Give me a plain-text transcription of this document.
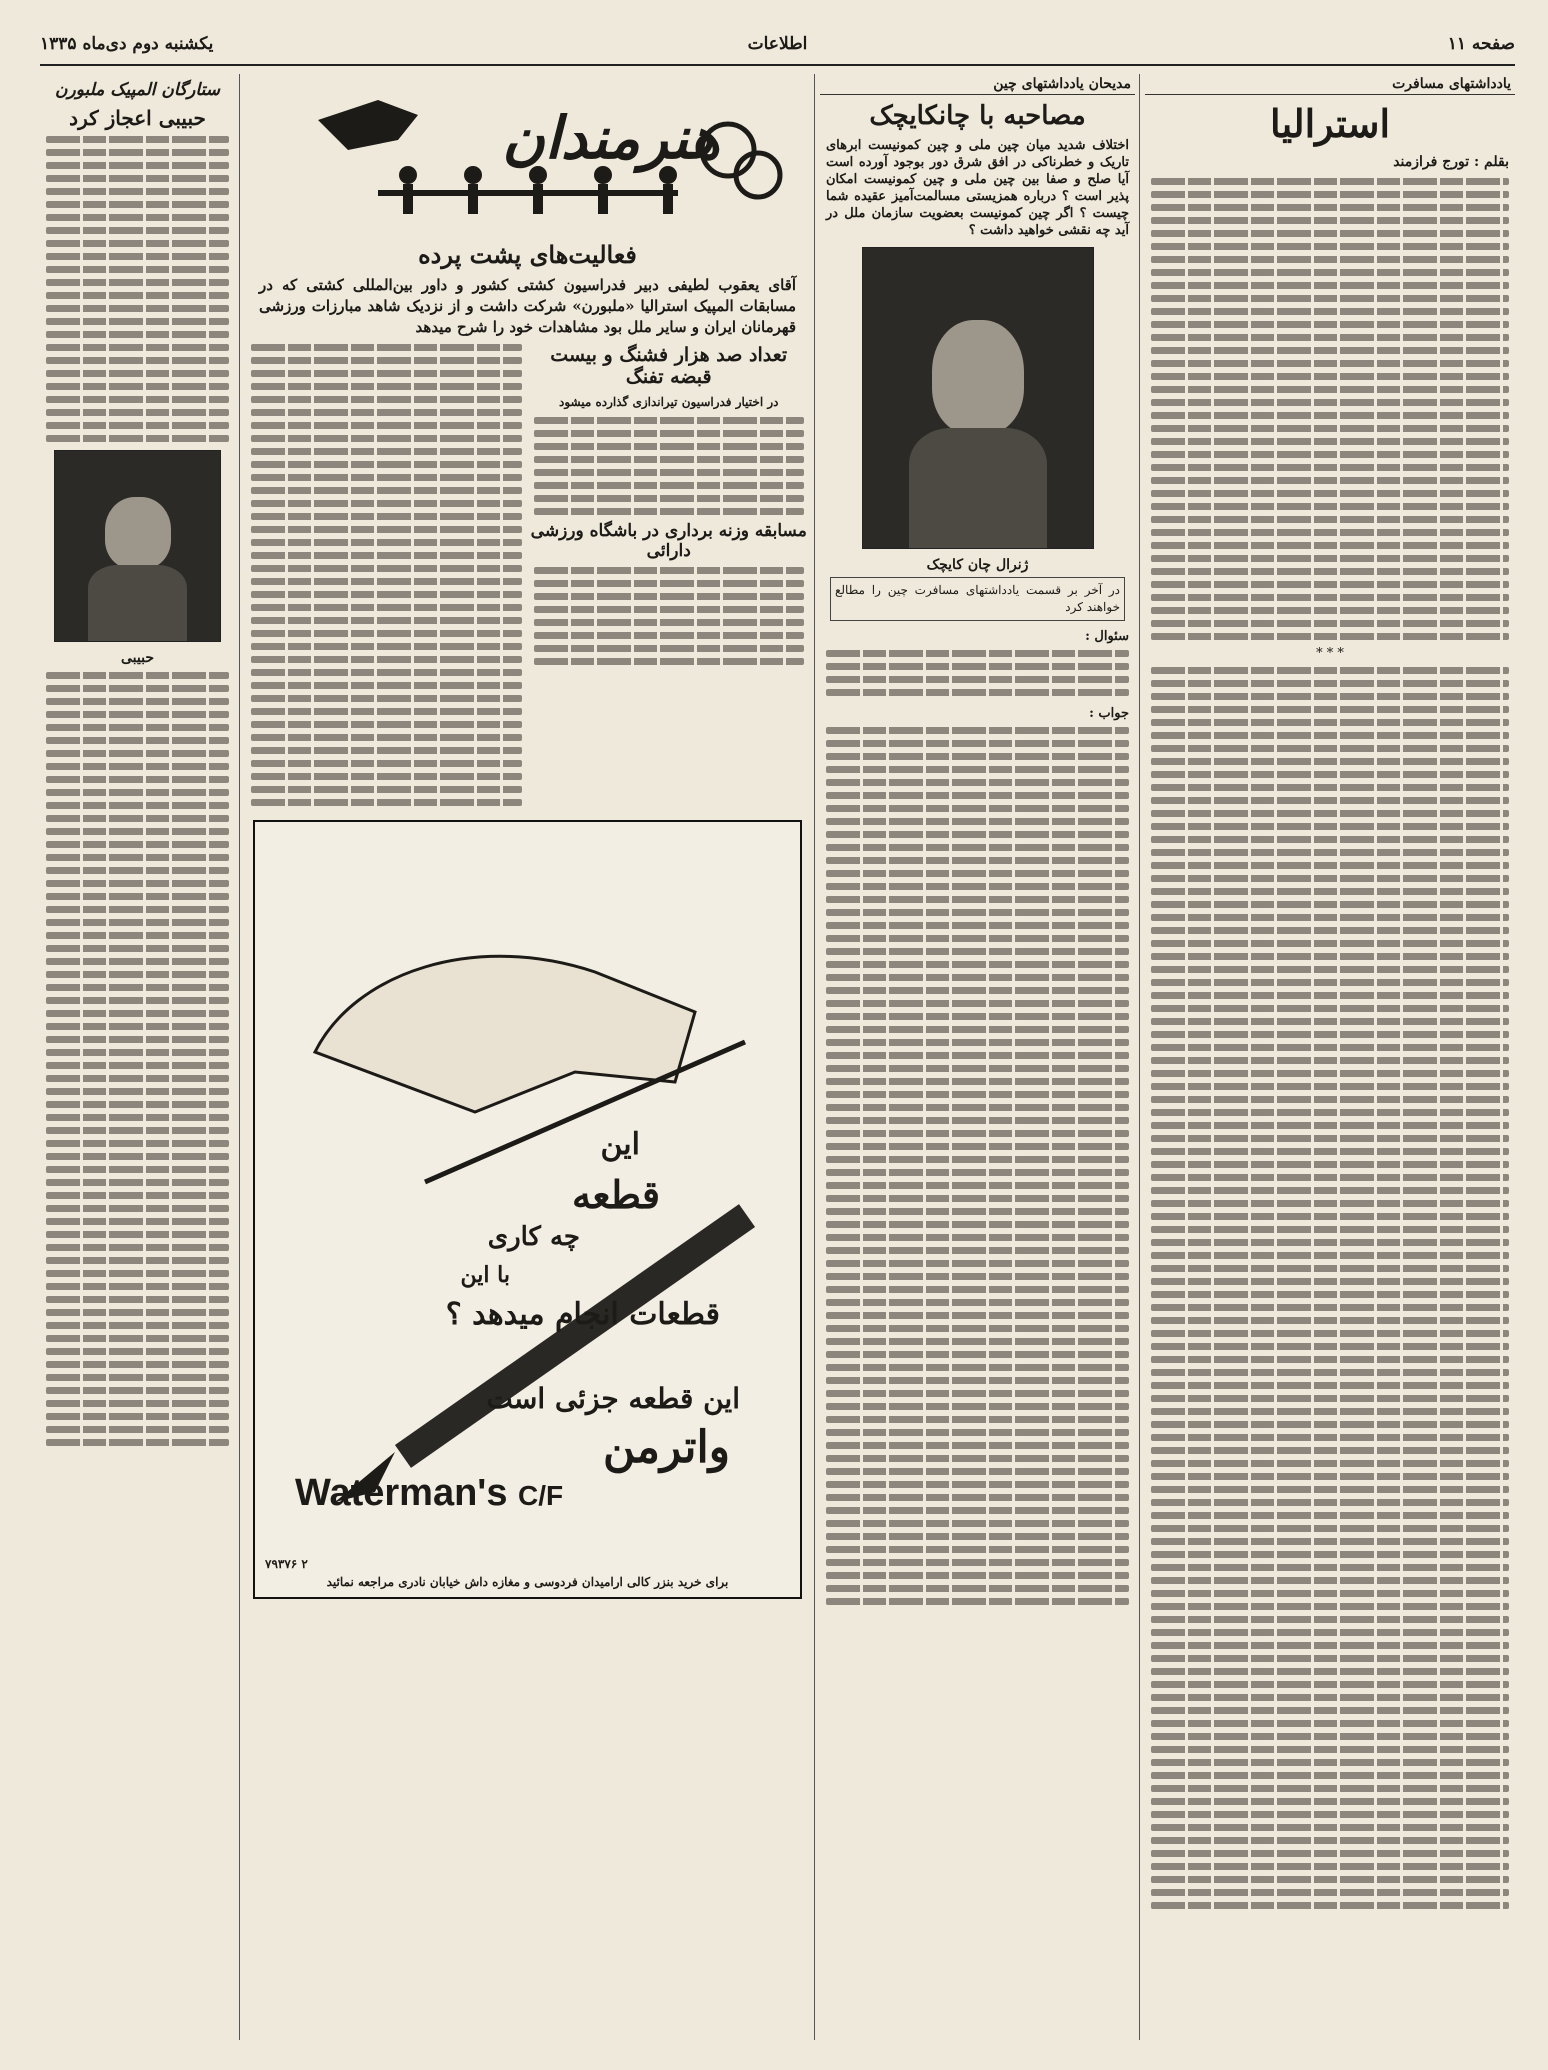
صفحه ۱۱
اطلاعات
یکشنبه دوم دی‌ماه ۱۳۳۵
یادداشتهای مسافرت
استرالیا
بقلم : تورج فرازمند
* * *
مدیحان یادداشتهای چین
مصاحبه با چانکایچک
اختلاف شدید میان چین ملی و چین کمونیست ابرهای تاریک و خطرناکی در افق شرق دور بوجود آورده است آیا صلح و صفا بین چین ملی و چین کمونیست امکان پذیر است ؟ درباره همزیستی مسالمت‌آمیز عقیده شما چیست ؟ اگر چین کمونیست بعضویت سازمان ملل در آید چه نقشی خواهید داشت ؟
ژنرال چان کایچک
در آخر بر قسمت یادداشتهای مسافرت چین را مطالع خواهند کرد
سئوال :
جواب :
هنرمندان
فعالیت‌های پشت پرده
آقای یعقوب لطیفی دبیر فدراسیون کشتی کشور و داور بین‌المللی کشتی که در مسابقات المپیک استرالیا «ملبورن» شرکت داشت و از نزدیک شاهد مبارزات ورزشی قهرمانان ایران و سایر ملل بود مشاهدات خود را شرح میدهد
تعداد صد هزار فشنگ و بیست قبضه تفنگ
در اختیار فدراسیون تیراندازی گذارده میشود
مسابقه وزنه برداری در باشگاه ورزشی دارائی
این
قطعه
چه کاری
با این
قطعات انجام میدهد ؟
این قطعه جزئی است
واترمن
Waterman's C/F
برای خرید بنزر کالی ارامیدان فردوسی و مغازه داش خیابان نادری مراجعه نمائید
۲ ۷۹۳۷۶
ستارگان المپیک ملبورن
حبیبی اعجاز کرد
حبیبی
